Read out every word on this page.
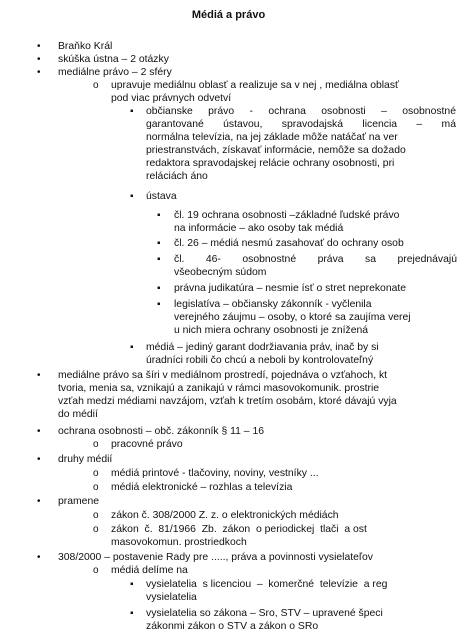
Médiá a právo
• Braňko Král
• skúška ústna – 2 otázky
• mediálne právo – 2 sféry
o upravuje mediálnu oblasť a realizuje sa v nej , mediálna oblasť
pod viac právnych odvetví
▪ občianske právo - ochrana osobnosti – osobnostné
garantované ústavou, spravodajská licencia – má
normálna televízia, na jej základe môže natáčať na ver
priestranstvách, získavať informácie, nemôže sa dožado
redaktora spravodajskej relácie ochrany osobnosti, pri
reláciách áno
▪ ústava
▪ čl. 19 ochrana osobnosti –základné ľudské právo
na informácie – ako osoby tak médiá
▪ čl. 26 – médiá nesmú zasahovať do ochrany osob
▪ čl. 46- osobnostné práva sa prejednávajú
všeobecným súdom
▪ právna judikatúra – nesmie ísť o stret neprekonate
▪ legislatíva – občiansky zákonník - vyčlenila
verejného záujmu – osoby, o ktoré sa zaujíma verej
u nich miera ochrany osobnosti je znížená
▪ médiá – jediný garant dodržiavania práv, inač by si
úradníci robili čo chcú a neboli by kontrolovateľný
• mediálne právo sa šíri v mediálnom prostredí, pojednáva o vzťahoch, kt
tvoria, menia sa, vznikajú a zanikajú v rámci masovokomunik. prostrie
vzťah medzi médiami navzájom, vzťah k tretím osobám, ktoré dávajú vyja
do médií
• ochrana osobnosti – obč. zákonník § 11 – 16
o pracovné právo
• druhy médií
o médiá printové - tlačoviny, noviny, vestníky ...
o médiá elektronické – rozhlas a televízia
• pramene
o zákon č. 308/2000 Z. z. o elektronických médiách
o zákon  č.  81/1966  Zb.  zákon  o periodickej  tlači  a ost
masovokomun. prostriedkoch
• 308/2000 – postavenie Rady pre ....., práva a povinnosti vysielateľov
o médiá delíme na
▪ vysielatelia  s licenciou  –  komerčné  televízie  a reg
vysielatelia
▪ vysielatelia so zákona – Sro, STV – upravené špeci
zákonmi zákon o STV a zákon o SRo
